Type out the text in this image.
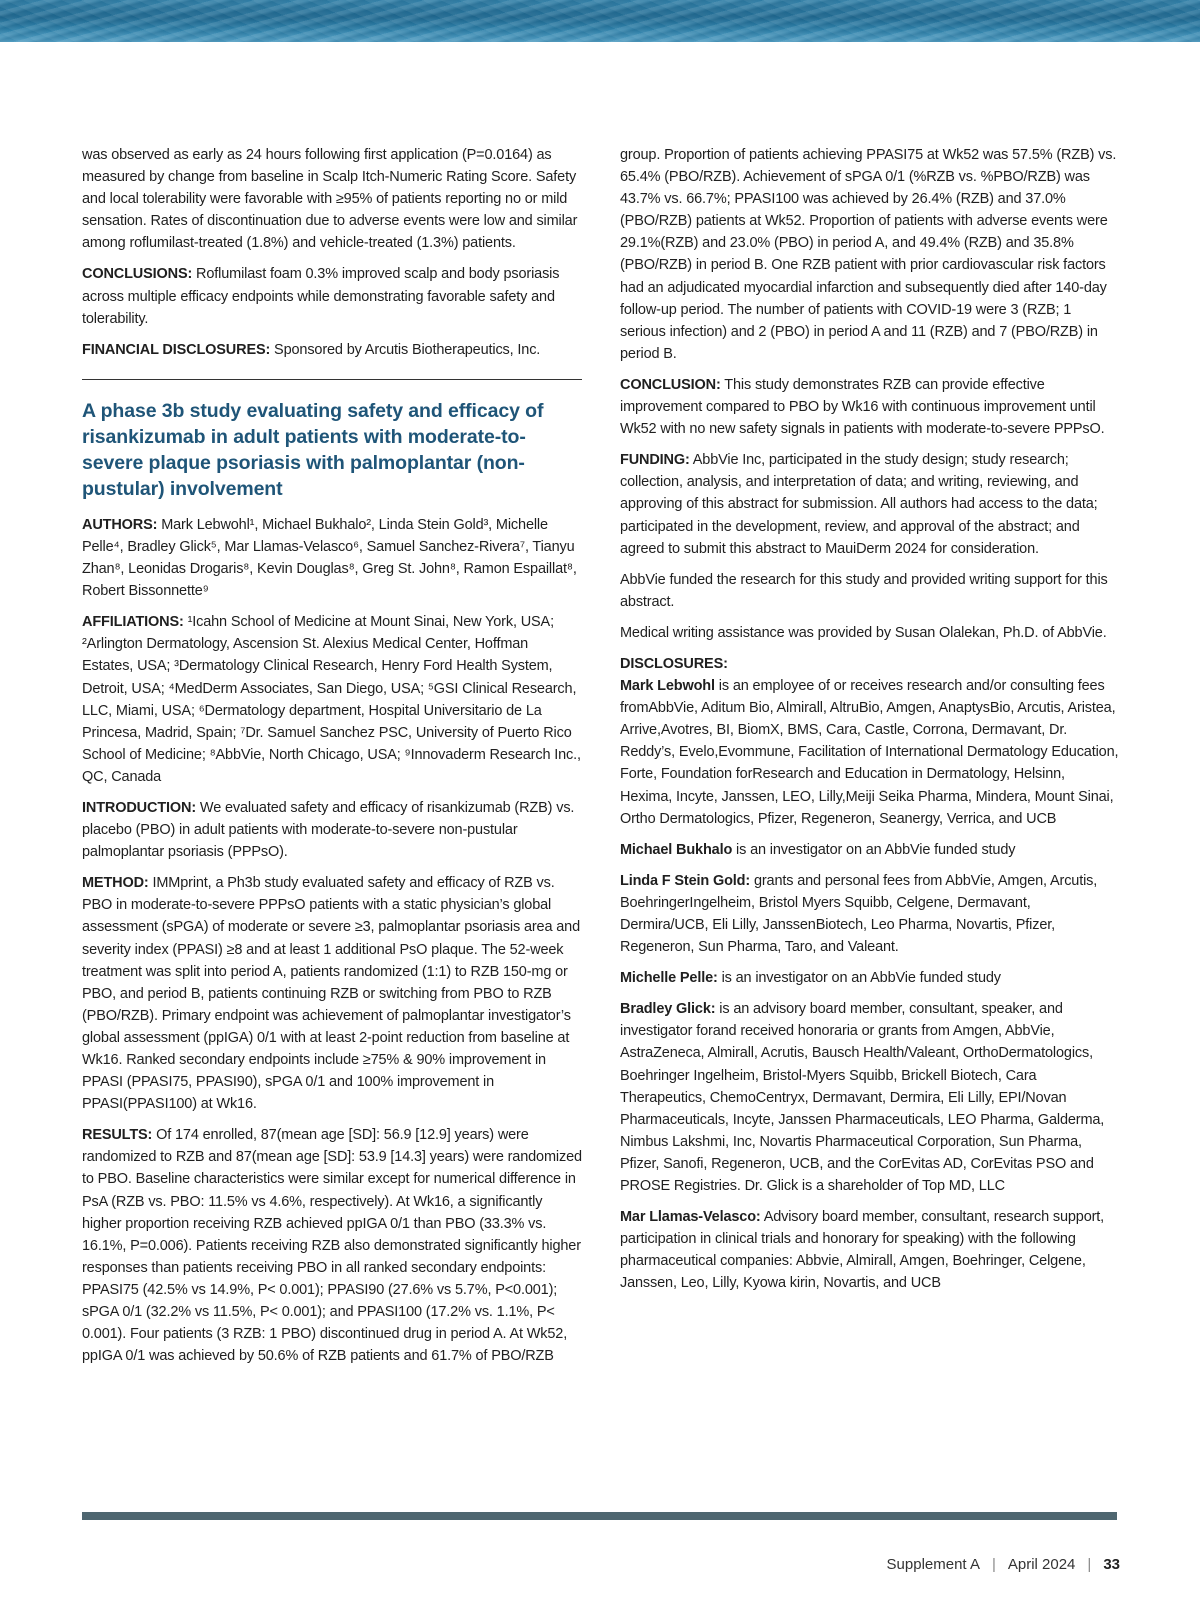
was observed as early as 24 hours following first application (P=0.0164) as measured by change from baseline in Scalp Itch-Numeric Rating Score. Safety and local tolerability were favorable with ≥95% of patients reporting no or mild sensation. Rates of discontinuation due to adverse events were low and similar among roflumilast-treated (1.8%) and vehicle-treated (1.3%) patients.

CONCLUSIONS: Roflumilast foam 0.3% improved scalp and body psoriasis across multiple efficacy endpoints while demonstrating favorable safety and tolerability.

FINANCIAL DISCLOSURES: Sponsored by Arcutis Biotherapeutics, Inc.

A phase 3b study evaluating safety and efficacy of risankizumab in adult patients with moderate-to-severe plaque psoriasis with palmoplantar (non-pustular) involvement

AUTHORS: Mark Lebwohl¹, Michael Bukhalo², Linda Stein Gold³, Michelle Pelle⁴, Bradley Glick⁵, Mar Llamas-Velasco⁶, Samuel Sanchez-Rivera⁷, Tianyu Zhan⁸, Leonidas Drogaris⁸, Kevin Douglas⁸, Greg St. John⁸, Ramon Espaillat⁸, Robert Bissonnette⁹

AFFILIATIONS: ¹Icahn School of Medicine at Mount Sinai, New York, USA; ²Arlington Dermatology, Ascension St. Alexius Medical Center, Hoffman Estates, USA; ³Dermatology Clinical Research, Henry Ford Health System, Detroit, USA; ⁴MedDerm Associates, San Diego, USA; ⁵GSI Clinical Research, LLC, Miami, USA; ⁶Dermatology department, Hospital Universitario de La Princesa, Madrid, Spain; ⁷Dr. Samuel Sanchez PSC, University of Puerto Rico School of Medicine; ⁸AbbVie, North Chicago, USA; ⁹Innovaderm Research Inc., QC, Canada

INTRODUCTION: We evaluated safety and efficacy of risankizumab (RZB) vs. placebo (PBO) in adult patients with moderate-to-severe non-pustular palmoplantar psoriasis (PPPsO).

METHOD: IMMprint, a Ph3b study evaluated safety and efficacy of RZB vs. PBO in moderate-to-severe PPPsO patients with a static physician’s global assessment (sPGA) of moderate or severe ≥3, palmoplantar psoriasis area and severity index (PPASI) ≥8 and at least 1 additional PsO plaque. The 52-week treatment was split into period A, patients randomized (1:1) to RZB 150-mg or PBO, and period B, patients continuing RZB or switching from PBO to RZB (PBO/RZB). Primary endpoint was achievement of palmoplantar investigator’s global assessment (ppIGA) 0/1 with at least 2-point reduction from baseline at Wk16. Ranked secondary endpoints include ≥75% & 90% improvement in PPASI (PPASI75, PPASI90), sPGA 0/1 and 100% improvement in PPASI(PPASI100) at Wk16.

RESULTS: Of 174 enrolled, 87(mean age [SD]: 56.9 [12.9] years) were randomized to RZB and 87(mean age [SD]: 53.9 [14.3] years) were randomized to PBO. Baseline characteristics were similar except for numerical difference in PsA (RZB vs. PBO: 11.5% vs 4.6%, respectively). At Wk16, a significantly higher proportion receiving RZB achieved ppIGA 0/1 than PBO (33.3% vs. 16.1%, P=0.006). Patients receiving RZB also demonstrated significantly higher responses than patients receiving PBO in all ranked secondary endpoints: PPASI75 (42.5% vs 14.9%, P< 0.001); PPASI90 (27.6% vs 5.7%, P<0.001); sPGA 0/1 (32.2% vs 11.5%, P< 0.001); and PPASI100 (17.2% vs. 1.1%, P< 0.001). Four patients (3 RZB: 1 PBO) discontinued drug in period A. At Wk52, ppIGA 0/1 was achieved by 50.6% of RZB patients and 61.7% of PBO/RZB

group. Proportion of patients achieving PPASI75 at Wk52 was 57.5% (RZB) vs. 65.4% (PBO/RZB). Achievement of sPGA 0/1 (%RZB vs. %PBO/RZB) was 43.7% vs. 66.7%; PPASI100 was achieved by 26.4% (RZB) and 37.0% (PBO/RZB) patients at Wk52. Proportion of patients with adverse events were 29.1%(RZB) and 23.0% (PBO) in period A, and 49.4% (RZB) and 35.8% (PBO/RZB) in period B. One RZB patient with prior cardiovascular risk factors had an adjudicated myocardial infarction and subsequently died after 140-day follow-up period. The number of patients with COVID-19 were 3 (RZB; 1 serious infection) and 2 (PBO) in period A and 11 (RZB) and 7 (PBO/RZB) in period B.

CONCLUSION: This study demonstrates RZB can provide effective improvement compared to PBO by Wk16 with continuous improvement until Wk52 with no new safety signals in patients with moderate-to-severe PPPsO.

FUNDING: AbbVie Inc, participated in the study design; study research; collection, analysis, and interpretation of data; and writing, reviewing, and approving of this abstract for submission. All authors had access to the data; participated in the development, review, and approval of the abstract; and agreed to submit this abstract to MauiDerm 2024 for consideration.

AbbVie funded the research for this study and provided writing support for this abstract.

Medical writing assistance was provided by Susan Olalekan, Ph.D. of AbbVie.

DISCLOSURES:

Mark Lebwohl is an employee of or receives research and/or consulting fees fromAbbVie, Aditum Bio, Almirall, AltruBio, Amgen, AnaptysBio, Arcutis, Aristea, Arrive,Avotres, BI, BiomX, BMS, Cara, Castle, Corrona, Dermavant, Dr. Reddy’s, Evelo,Evommune, Facilitation of International Dermatology Education, Forte, Foundation forResearch and Education in Dermatology, Helsinn, Hexima, Incyte, Janssen, LEO, Lilly,Meiji Seika Pharma, Mindera, Mount Sinai, Ortho Dermatologics, Pfizer, Regeneron, Seanergy, Verrica, and UCB

Michael Bukhalo is an investigator on an AbbVie funded study

Linda F Stein Gold: grants and personal fees from AbbVie, Amgen, Arcutis, BoehringerIngelheim, Bristol Myers Squibb, Celgene, Dermavant, Dermira/UCB, Eli Lilly, JanssenBiotech, Leo Pharma, Novartis, Pfizer, Regeneron, Sun Pharma, Taro, and Valeant.

Michelle Pelle: is an investigator on an AbbVie funded study

Bradley Glick: is an advisory board member, consultant, speaker, and investigator forand received honoraria or grants from Amgen, AbbVie, AstraZeneca, Almirall, Acrutis, Bausch Health/Valeant, OrthoDermatologics, Boehringer Ingelheim, Bristol-Myers Squibb, Brickell Biotech, Cara Therapeutics, ChemoCentryx, Dermavant, Dermira, Eli Lilly, EPI/Novan Pharmaceuticals, Incyte, Janssen Pharmaceuticals, LEO Pharma, Galderma, Nimbus Lakshmi, Inc, Novartis Pharmaceutical Corporation, Sun Pharma, Pfizer, Sanofi, Regeneron, UCB, and the CorEvitas AD, CorEvitas PSO and PROSE Registries. Dr. Glick is a shareholder of Top MD, LLC

Mar Llamas-Velasco: Advisory board member, consultant, research support, participation in clinical trials and honorary for speaking) with the following pharmaceutical companies: Abbvie, Almirall, Amgen, Boehringer, Celgene, Janssen, Leo, Lilly, Kyowa kirin, Novartis, and UCB

Supplement A | April 2024 | 33
